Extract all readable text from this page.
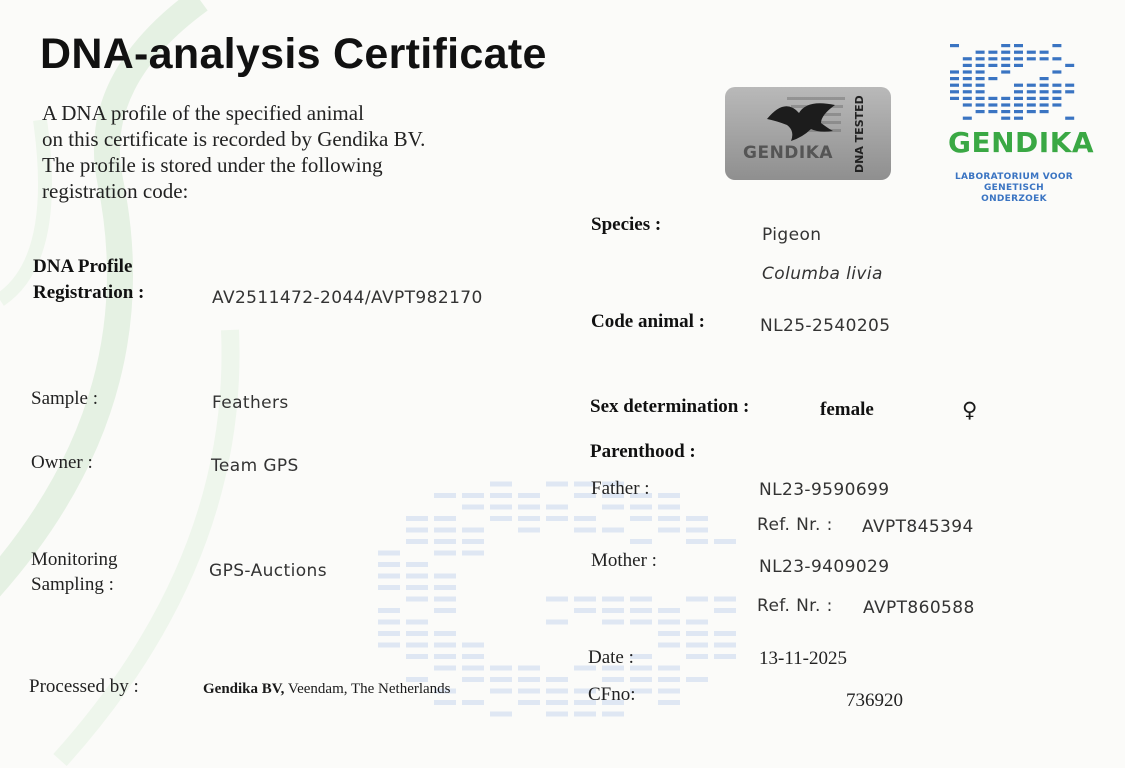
DNA-analysis Certificate
A DNA profile of the specified animal
on this certificate is recorded by Gendika BV.
The profile is stored under the following
registration code:
GENDIKA DNA TESTED	GENDIKA
LABORATORIUM VOOR
GENETISCH ONDERZOEK
DNA Profile
Registration :	AV2511472-2044/AVPT982170
Sample :	Feathers
Owner :	Team GPS
Monitoring
Sampling :
GPS-Auctions
Processed by :	Gendika BV, Veendam, The Netherlands
Species :	Pigeon
Columba livia
Code animal :	NL25-2540205
Sex determination :	female	♀
Parenthood :
Father :	NL23-9590699
Ref. Nr. : AVPT845394
Mother :	NL23-9409029
Ref. Nr. : AVPT860588
Date :	13-11-2025
CFno:	736920
